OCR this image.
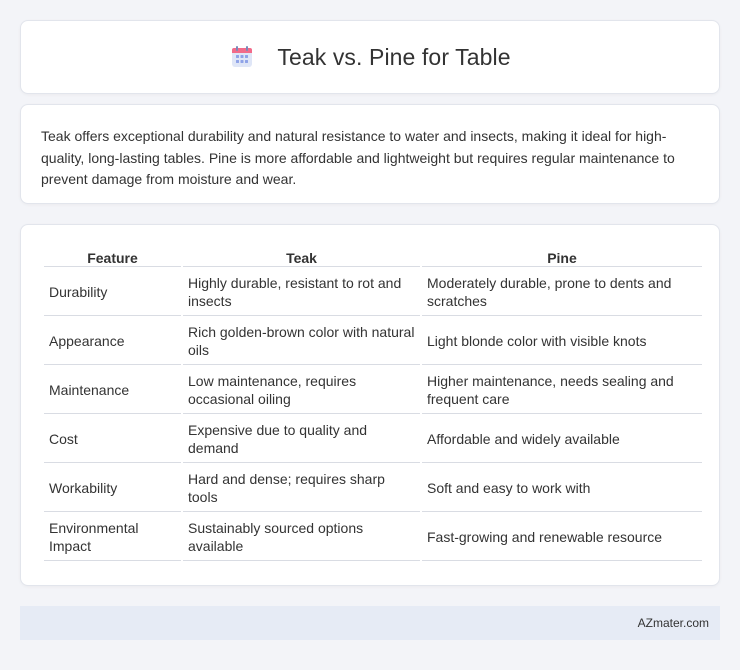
Teak vs. Pine for Table

Teak offers exceptional durability and natural resistance to water and insects, making it ideal for high-quality, long-lasting tables. Pine is more affordable and lightweight but requires regular maintenance to prevent damage from moisture and wear.

Feature	Teak	Pine
Durability	Highly durable, resistant to rot and insects	Moderately durable, prone to dents and scratches
Appearance	Rich golden-brown color with natural oils	Light blonde color with visible knots
Maintenance	Low maintenance, requires occasional oiling	Higher maintenance, needs sealing and frequent care
Cost	Expensive due to quality and demand	Affordable and widely available
Workability	Hard and dense; requires sharp tools	Soft and easy to work with
Environmental Impact	Sustainably sourced options available	Fast-growing and renewable resource
AZmater.com
